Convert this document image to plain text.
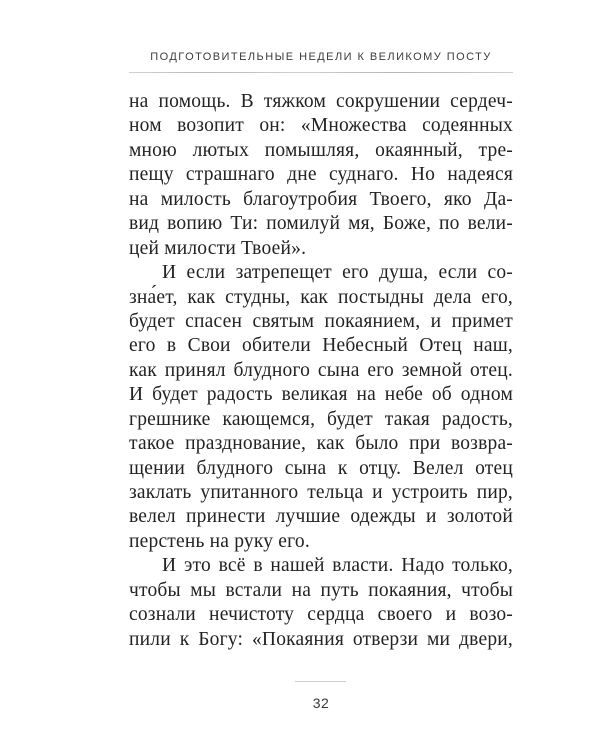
ПОДГОТОВИТЕЛЬНЫЕ НЕДЕЛИ К ВЕЛИКОМУ ПОСТУ
на помощь. В тяжком сокрушении сердеч-
ном возопит он: «Множества содеянных
мною лютых помышляя, окаянный, тре-
пещу страшнаго дне суднаго. Но надеяся
на милость благоутробия Твоего, яко Да-
вид вопию Ти: помилуй мя, Боже, по вели-
цей милости Твоей».
И если затрепещет его душа, если со-
зна́ет, как студны, как постыдны дела его,
будет спасен святым покаянием, и примет
его в Свои обители Небесный Отец наш,
как принял блудного сына его земной отец.
И будет радость великая на небе об одном
грешнике кающемся, будет такая радость,
такое празднование, как было при возвра-
щении блудного сына к отцу. Велел отец
заклать упитанного тельца и устроить пир,
велел принести лучшие одежды и золотой
перстень на руку его.
И это всё в нашей власти. Надо только,
чтобы мы встали на путь покаяния, чтобы
сознали нечистоту сердца своего и возо-
пили к Богу: «Покаяния отверзи ми двери,
32
